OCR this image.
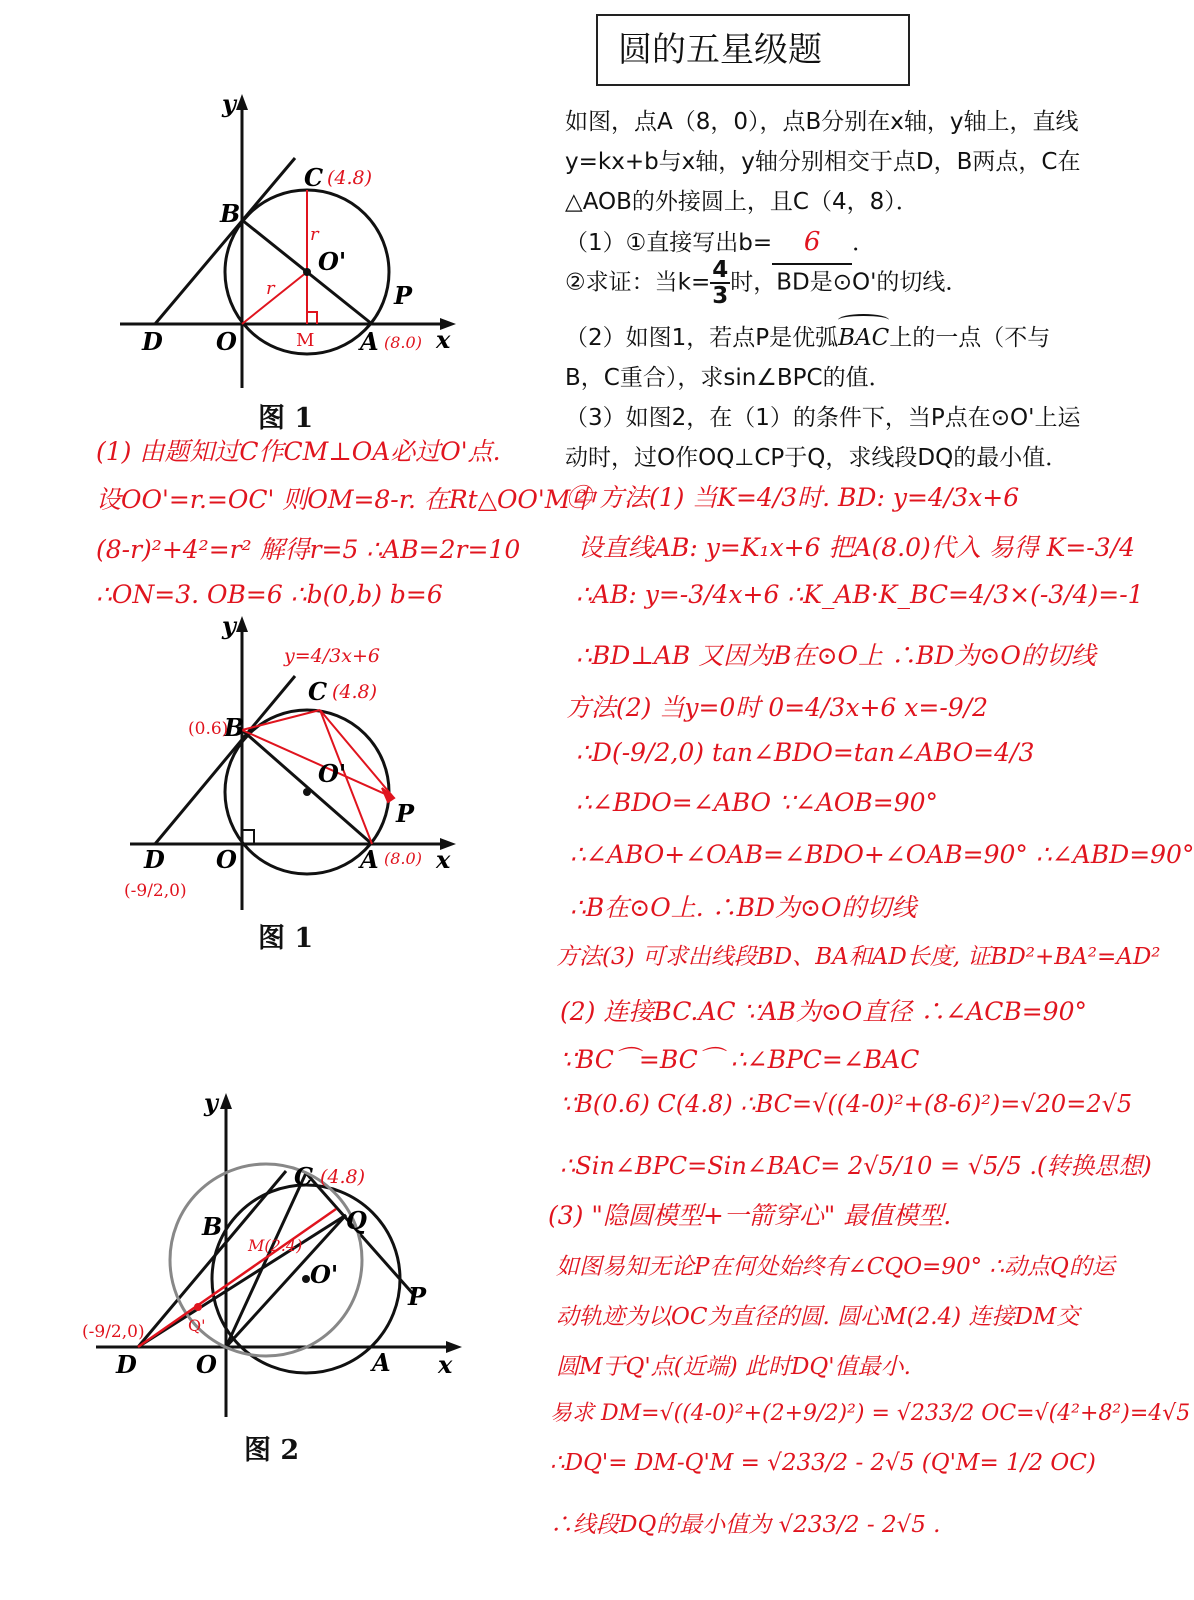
圆的五星级题
如图，点A（8，0），点B分别在x轴，y轴上，直线
y=kx+b与x轴，y轴分别相交于点D，B两点，C在
△AOB的外接圆上，且C（4，8）．
（1）①直接写出b= 6 ．
②求证：当$k= \frac{4}{3}$ 时，BD是⊙O'的切线．
（2）如图1，若点P是优弧
BAC上的一点（不与
B，C重合），求sin∠BPC的值．
（3）如图2，在（1）的条件下，当P点在⊙O'上运
动时，过O作OQ⊥CP于Q，求线段DQ的最小值．
y
x
B
C (4.8)
O'
P
D O	A (8.0)
M
r
r
图 1
(1) 由题知过C作CM⊥OA必过O'点.
设OO'=r.=OC' 则OM=8-r. 在Rt△OO'M中
(8-r)²+4²=r² 解得r=5 ∴AB=2r=10
∴ON=3. OB=6 ∴b(0,b) b=6
y
x
B
(0.6)
C (4.8)
y=4/3x+6
O'
P
D
(-9/2,0)
O	A (8.0)
图 1
y
x
B
C (4.8)
Q
M(2.4)
O'
P
Q'
(-9/2,0)
D O	A
图 2
② 方法(1) 当K=4/3时. BD: y=4/3x+6
设直线AB: y=K₁x+6 把A(8.0)代入 易得 K=-3/4
∴AB: y=-3/4x+6 ∴K_AB·K_BC=4/3×(-3/4)=-1
∴BD⊥AB 又因为B在⊙O上 ∴BD为⊙O的切线
方法(2) 当y=0时 0=4/3x+6 x=-9/2
∴D(-9/2,0) tan∠BDO=tan∠ABO=4/3
∴∠BDO=∠ABO ∵∠AOB=90°
∴∠ABO+∠OAB=∠BDO+∠OAB=90° ∴∠ABD=90°
∴B在⊙O上. ∴BD为⊙O的切线
方法(3) 可求出线段BD、BA和AD长度, 证BD²+BA²=AD²
(2) 连接BC.AC ∵AB为⊙O直径 ∴∠ACB=90°
∵BC⌒=BC⌒ ∴∠BPC=∠BAC
∵B(0.6) C(4.8) ∴BC=√((4-0)²+(8-6)²)=√20=2√5
∴Sin∠BPC=Sin∠BAC= 2√5/10 = √5/5 .(转换思想)
(3) "隐圆模型+一箭穿心" 最值模型.
如图易知无论P在何处始终有∠CQO=90° ∴动点Q的运
动轨迹为以OC为直径的圆. 圆心M(2.4) 连接DM交
圆M于Q'点(近端) 此时DQ'值最小.
易求 DM=√((4-0)²+(2+9/2)²) = √233/2 OC=√(4²+8²)=4√5
∴DQ'= DM-Q'M = √233/2 - 2√5 (Q'M= 1/2 OC)
∴线段DQ的最小值为 √233/2 - 2√5 .
